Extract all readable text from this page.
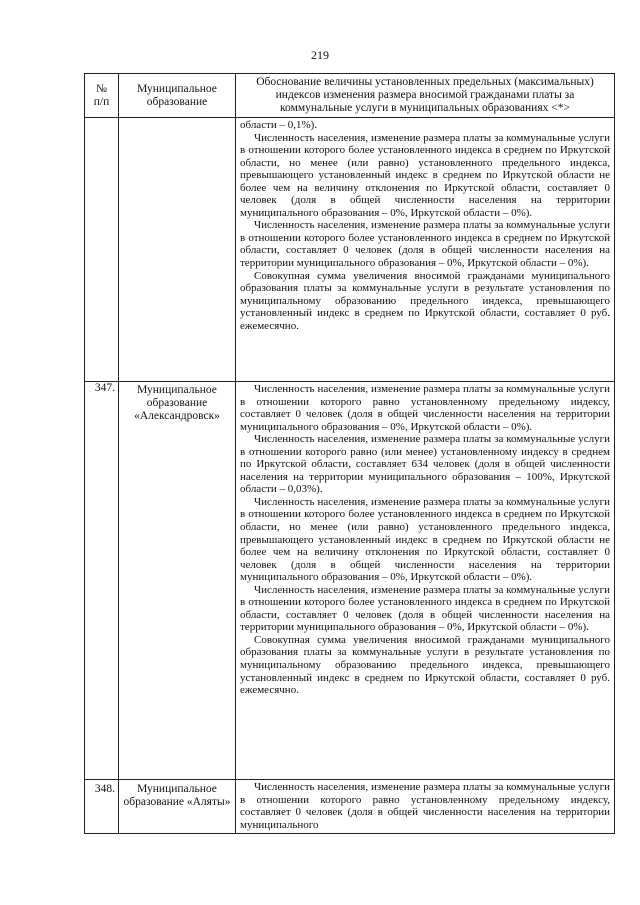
219
№
п/п	Муниципальное образование	Обоснование величины установленных предельных (максимальных) индексов изменения размера вносимой гражданами платы за коммунальные услуги в муниципальных образованиях <*>

		области – 0,1%).

Численность населения, изменение размера платы за коммунальные услуги в отношении которого более установленного индекса в среднем по Иркутской области, но менее (или равно) установленного предельного индекса, превышающего установленный индекс в среднем по Иркутской области не более чем на величину отклонения по Иркутской области, составляет 0 человек (доля в общей численности населения на территории муниципального образования – 0%, Иркутской области – 0%).

Численность населения, изменение размера платы за коммунальные услуги в отношении которого более установленного индекса в среднем по Иркутской области, составляет 0 человек (доля в общей численности населения на территории муниципального образования – 0%, Иркутской области – 0%).

Совокупная сумма увеличения вносимой гражданами муниципального образования платы за коммунальные услуги в результате установления по муниципальному образованию предельного индекса, превышающего установленный индекс в среднем по Иркутской области, составляет 0 руб. ежемесячно.

347.	Муниципальное образование «Александровск»	Численность населения, изменение размера платы за коммунальные услуги в отношении которого равно установленному предельному индексу, составляет 0 человек (доля в общей численности населения на территории муниципального образования – 0%, Иркутской области – 0%).

Численность населения, изменение размера платы за коммунальные услуги в отношении которого равно (или менее) установленному индексу в среднем по Иркутской области, составляет 634 человек (доля в общей численности населения на территории муниципального образования – 100%, Иркутской области – 0,03%).

Численность населения, изменение размера платы за коммунальные услуги в отношении которого более установленного индекса в среднем по Иркутской области, но менее (или равно) установленного предельного индекса, превышающего установленный индекс в среднем по Иркутской области не более чем на величину отклонения по Иркутской области, составляет 0 человек (доля в общей численности населения на территории муниципального образования – 0%, Иркутской области – 0%).

Численность населения, изменение размера платы за коммунальные услуги в отношении которого более установленного индекса в среднем по Иркутской области, составляет 0 человек (доля в общей численности населения на территории муниципального образования – 0%, Иркутской области – 0%).

Совокупная сумма увеличения вносимой гражданами муниципального образования платы за коммунальные услуги в результате установления по муниципальному образованию предельного индекса, превышающего установленный индекс в среднем по Иркутской области, составляет 0 руб. ежемесячно.

348.	Муниципальное образование «Аляты»	Численность населения, изменение размера платы за коммунальные услуги в отношении которого равно установленному предельному индексу, составляет 0 человек (доля в общей численности населения на территории муниципального
